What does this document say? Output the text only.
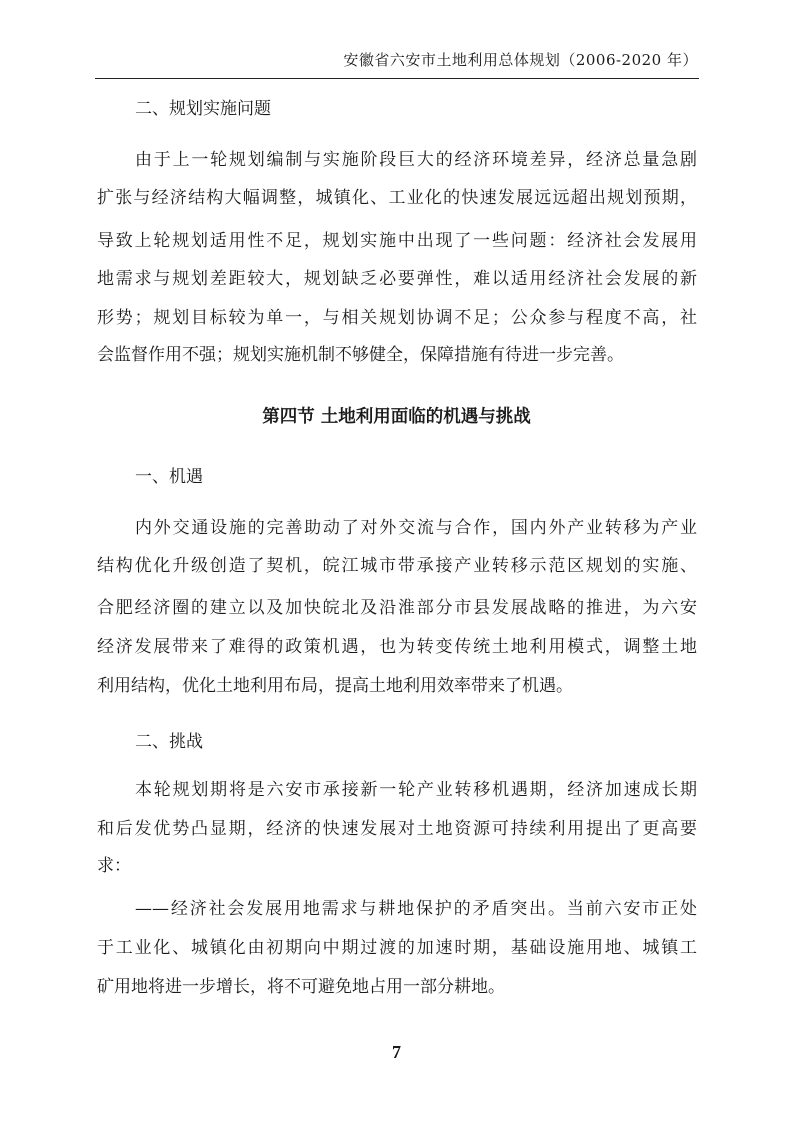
安徽省六安市土地利用总体规划（2006-2020 年）
二、规划实施问题
由于上一轮规划编制与实施阶段巨大的经济环境差异，经济总量急剧
扩张与经济结构大幅调整，城镇化、工业化的快速发展远远超出规划预期，
导致上轮规划适用性不足，规划实施中出现了一些问题：经济社会发展用
地需求与规划差距较大，规划缺乏必要弹性，难以适用经济社会发展的新
形势；规划目标较为单一，与相关规划协调不足；公众参与程度不高，社
会监督作用不强；规划实施机制不够健全，保障措施有待进一步完善。
第四节 土地利用面临的机遇与挑战
一、机遇
内外交通设施的完善助动了对外交流与合作，国内外产业转移为产业
结构优化升级创造了契机，皖江城市带承接产业转移示范区规划的实施、
合肥经济圈的建立以及加快皖北及沿淮部分市县发展战略的推进，为六安
经济发展带来了难得的政策机遇，也为转变传统土地利用模式，调整土地
利用结构，优化土地利用布局，提高土地利用效率带来了机遇。
二、挑战
本轮规划期将是六安市承接新一轮产业转移机遇期，经济加速成长期
和后发优势凸显期，经济的快速发展对土地资源可持续利用提出了更高要
求：
——经济社会发展用地需求与耕地保护的矛盾突出。当前六安市正处
于工业化、城镇化由初期向中期过渡的加速时期，基础设施用地、城镇工
矿用地将进一步增长，将不可避免地占用一部分耕地。
7
